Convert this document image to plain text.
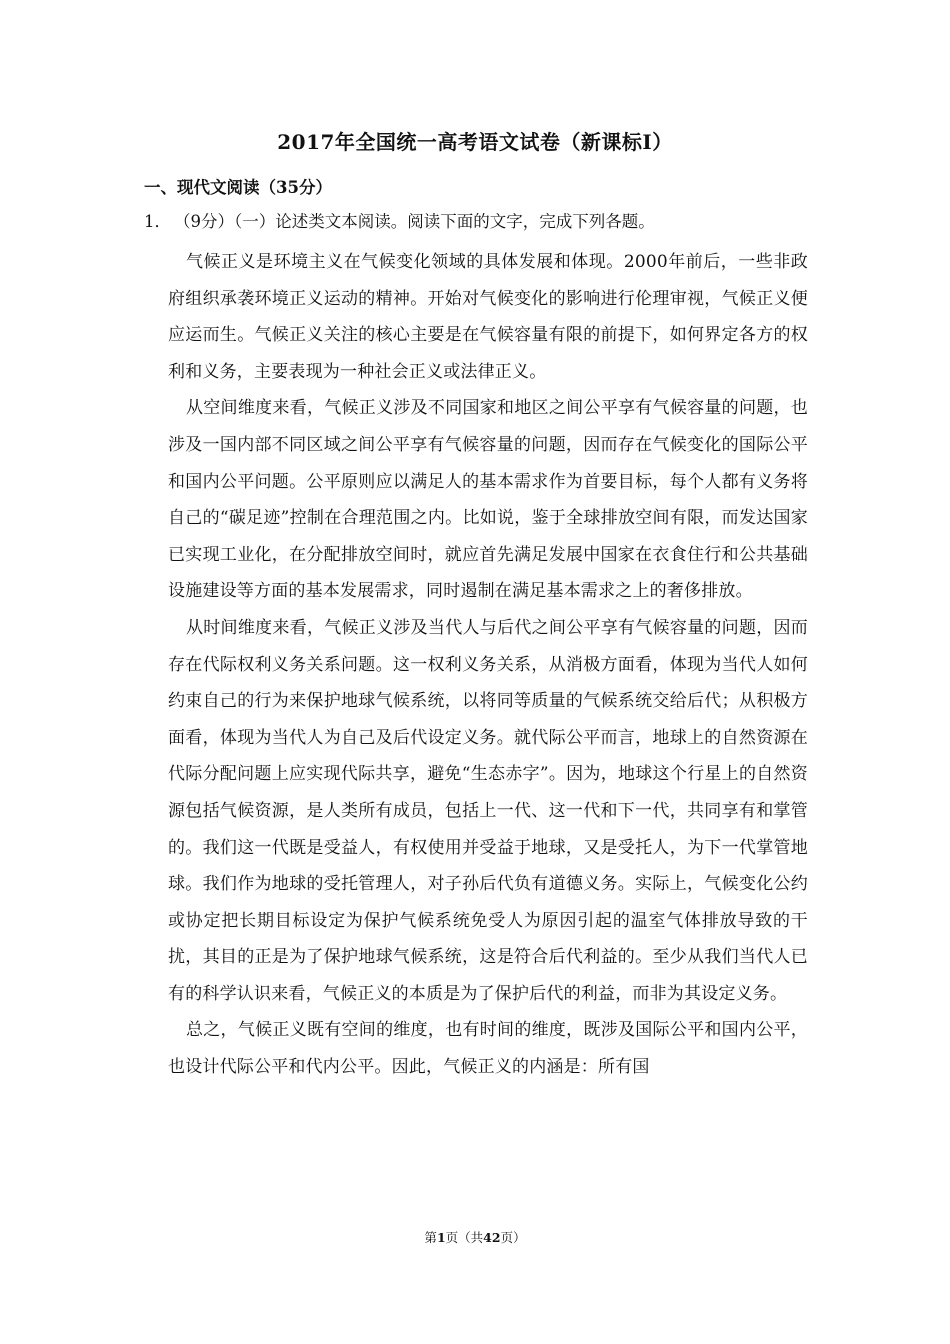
2017年全国统一高考语文试卷（新课标I）
一、现代文阅读（35分）
1． （9分）（一）论述类文本阅读。阅读下面的文字，完成下列各题。

气候正义是环境主义在气候变化领域的具体发展和体现。2000年前后，一些非政府组织承袭环境正义运动的精神。开始对气候变化的影响进行伦理审视，气候正义便应运而生。气候正义关注的核心主要是在气候容量有限的前提下，如何界定各方的权利和义务，主要表现为一种社会正义或法律正义。

从空间维度来看，气候正义涉及不同国家和地区之间公平享有气候容量的问题，也涉及一国内部不同区域之间公平享有气候容量的问题，因而存在气候变化的国际公平和国内公平问题。公平原则应以满足人的基本需求作为首要目标，每个人都有义务将自己的“碳足迹”控制在合理范围之内。比如说，鉴于全球排放空间有限，而发达国家已实现工业化，在分配排放空间时，就应首先满足发展中国家在衣食住行和公共基础设施建设等方面的基本发展需求，同时遏制在满足基本需求之上的奢侈排放。

从时间维度来看，气候正义涉及当代人与后代之间公平享有气候容量的问题，因而存在代际权利义务关系问题。这一权利义务关系，从消极方面看，体现为当代人如何约束自己的行为来保护地球气候系统，以将同等质量的气候系统交给后代；从积极方面看，体现为当代人为自己及后代设定义务。就代际公平而言，地球上的自然资源在代际分配问题上应实现代际共享，避免“生态赤字”。因为，地球这个行星上的自然资源包括气候资源，是人类所有成员，包括上一代、这一代和下一代，共同享有和掌管的。我们这一代既是受益人，有权使用并受益于地球，又是受托人，为下一代掌管地球。我们作为地球的受托管理人，对子孙后代负有道德义务。实际上，气候变化公约或协定把长期目标设定为保护气候系统免受人为原因引起的温室气体排放导致的干扰，其目的正是为了保护地球气候系统，这是符合后代利益的。至少从我们当代人已有的科学认识来看，气候正义的本质是为了保护后代的利益，而非为其设定义务。

总之，气候正义既有空间的维度，也有时间的维度，既涉及国际公平和国内公平，也设计代际公平和代内公平。因此，气候正义的内涵是：所有国

第1页（共42页）
